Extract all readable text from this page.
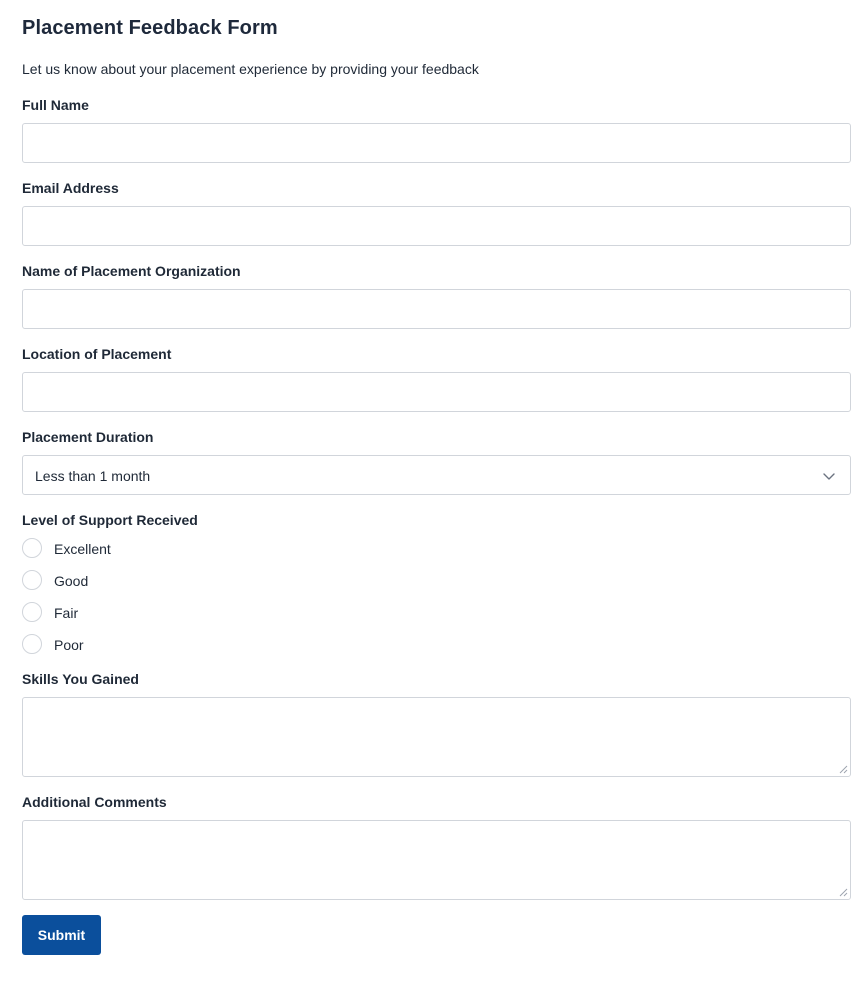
Placement Feedback Form

Let us know about your placement experience by providing your feedback

Full Name
Email Address
Name of Placement Organization
Location of Placement
Placement Duration
Less than 1 month
Level of Support Received
Excellent
Good
Fair
Poor
Skills You Gained
Additional Comments
Submit
